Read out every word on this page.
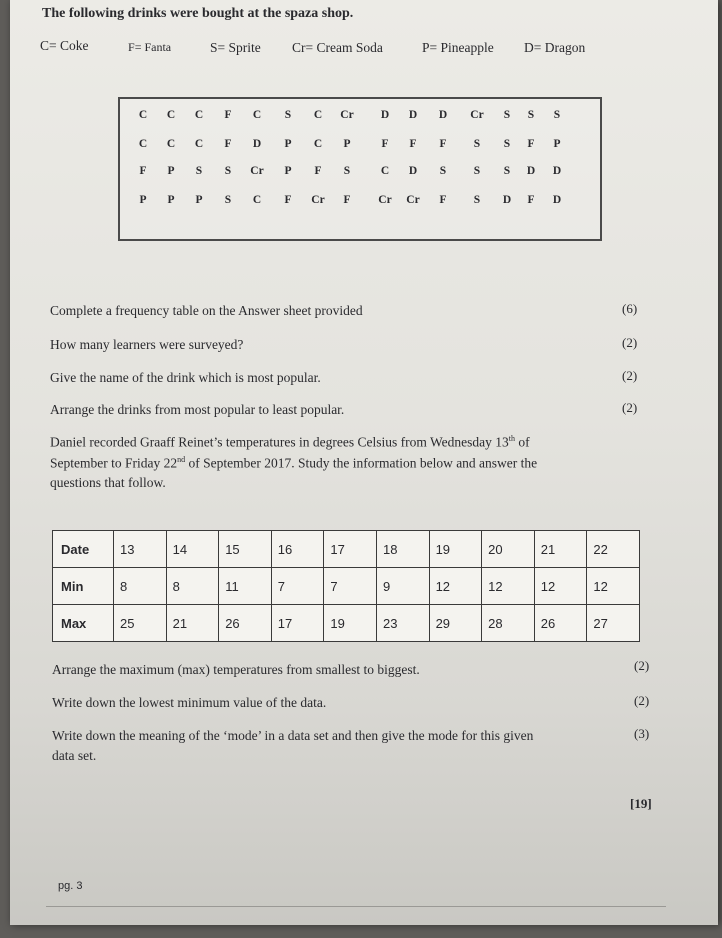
The following drinks were bought at the spaza shop.
C= Coke	F= Fanta	S= Sprite Cr= Cream Soda	P= Pineapple D= Dragon
C	C	C	F	C	S	C	Cr	D	D	D	Cr	S	S	S
C	C	C	F	D	P	C	P	F	F	F	S	S	F	P
F	P	S	S	Cr	P	F	S	C	D	S	S	S	D	D
P	P	P	S	C	F	Cr	F	Cr	Cr	F	S	D	F	D
Complete a frequency table on the Answer sheet provided	(6)
How many learners were surveyed?	(2)
Give the name of the drink which is most popular.	(2)
Arrange the drinks from most popular to least popular.	(2)
Daniel recorded Graaff Reinet’s temperatures in degrees Celsius from Wednesday 13th of
September to Friday 22nd of September 2017. Study the information below and answer the
questions that follow.
Date	13	14	15	16	17	18	19	20	21	22
Min	8	8	11	7	7	9	12	12	12	12
Max	25	21	26	17	19	23	29	28	26	27
Arrange the maximum (max) temperatures from smallest to biggest.	(2)
Write down the lowest minimum value of the data.	(2)
Write down the meaning of the ‘mode’ in a data set and then give the mode for this given
data set.
(3)
[19]
pg. 3
